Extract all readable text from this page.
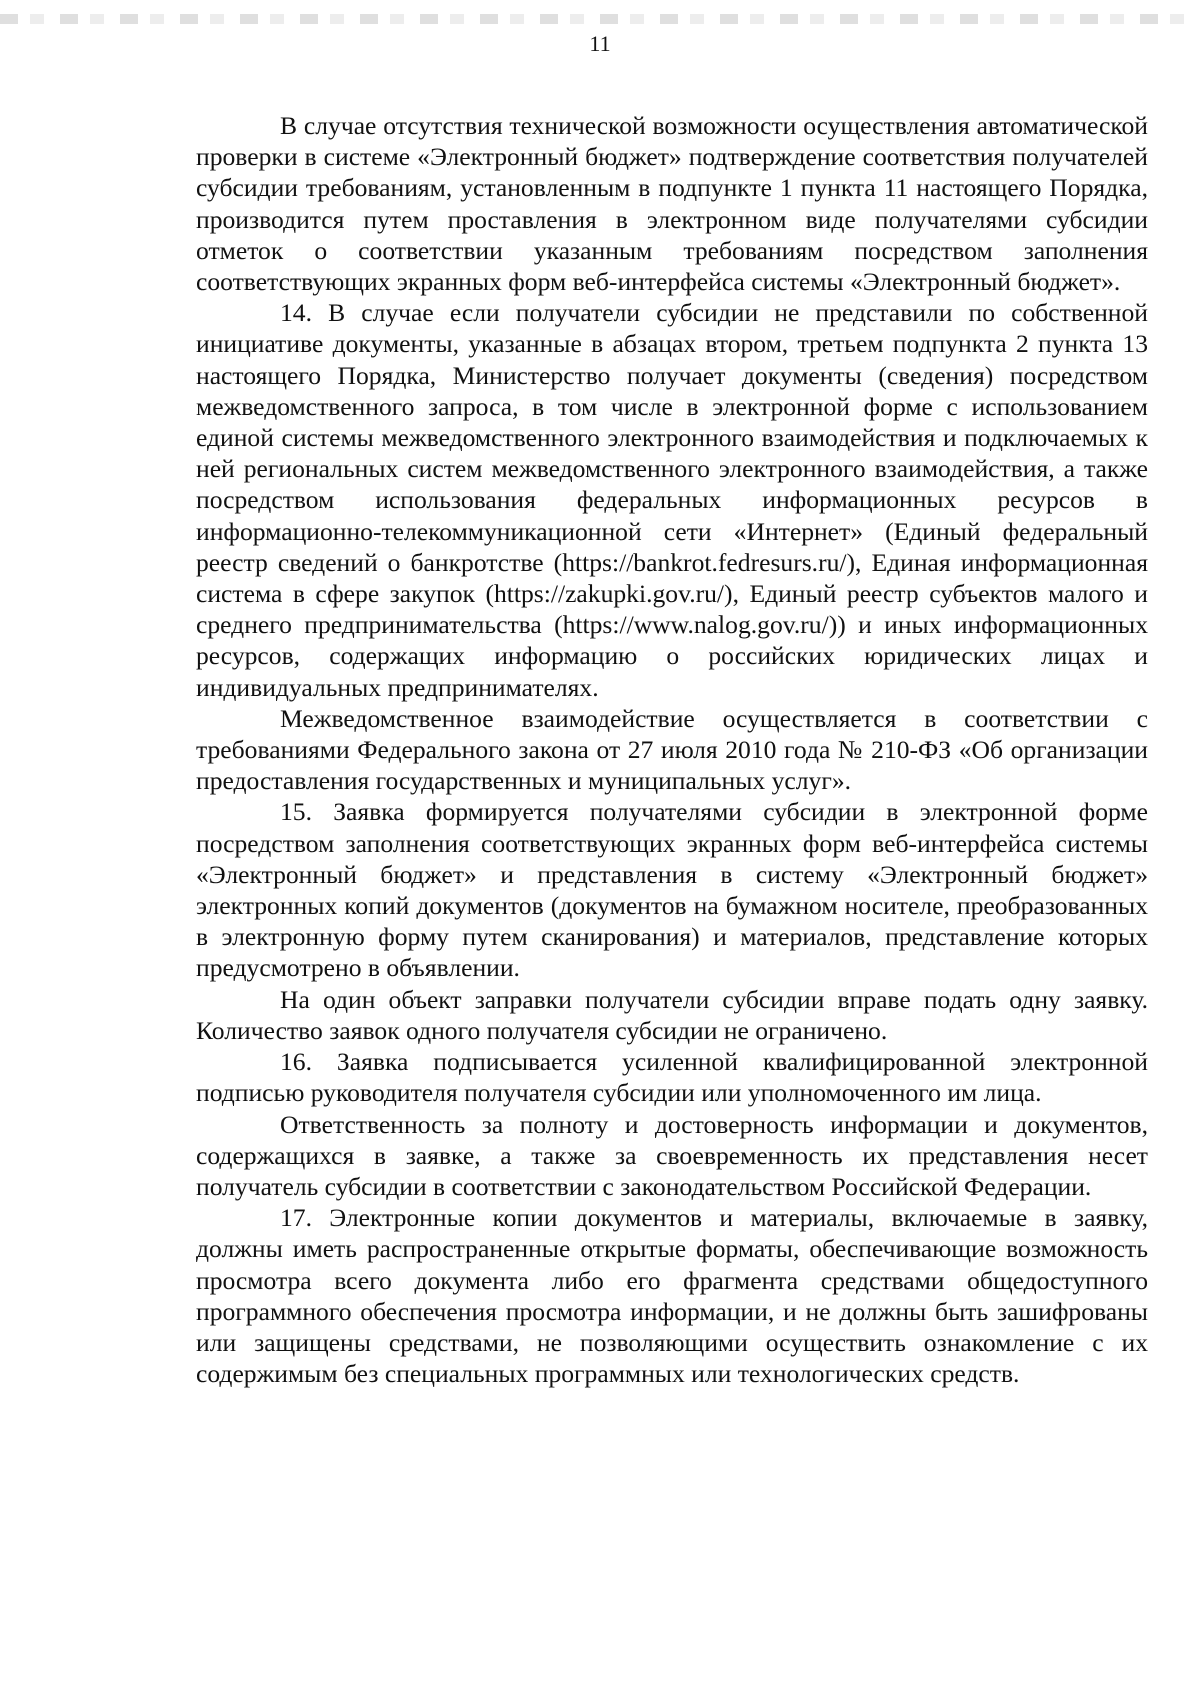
11

В случае отсутствия технической возможности осуществления автоматической проверки в системе «Электронный бюджет» подтверждение соответствия получателей субсидии требованиям, установленным в подпункте 1 пункта 11 настоящего Порядка, производится путем проставления в электронном виде получателями субсидии отметок о соответствии указанным требованиям посредством заполнения соответствующих экранных форм веб-интерфейса системы «Электронный бюджет».

14. В случае если получатели субсидии не представили по собственной инициативе документы, указанные в абзацах втором, третьем подпункта 2 пункта 13 настоящего Порядка, Министерство получает документы (сведения) посредством межведомственного запроса, в том числе в электронной форме с использованием единой системы межведомственного электронного взаимодействия и подключаемых к ней региональных систем межведомственного электронного взаимодействия, а также посредством использования федеральных информационных ресурсов в информационно-телекоммуникационной сети «Интернет» (Единый федеральный реестр сведений о банкротстве (https://bankrot.fedresurs.ru/), Единая информационная система в сфере закупок (https://zakupki.gov.ru/), Единый реестр субъектов малого и среднего предпринимательства (https://www.nalog.gov.ru/)) и иных информационных ресурсов, содержащих информацию о российских юридических лицах и индивидуальных предпринимателях.

Межведомственное взаимодействие осуществляется в соответствии с требованиями Федерального закона от 27 июля 2010 года № 210-ФЗ «Об организации предоставления государственных и муниципальных услуг».

15. Заявка формируется получателями субсидии в электронной форме посредством заполнения соответствующих экранных форм веб-интерфейса системы «Электронный бюджет» и представления в систему «Электронный бюджет» электронных копий документов (документов на бумажном носителе, преобразованных в электронную форму путем сканирования) и материалов, представление которых предусмотрено в объявлении.

На один объект заправки получатели субсидии вправе подать одну заявку. Количество заявок одного получателя субсидии не ограничено.

16. Заявка подписывается усиленной квалифицированной электронной подписью руководителя получателя субсидии или уполномоченного им лица.

Ответственность за полноту и достоверность информации и документов, содержащихся в заявке, а также за своевременность их представления несет получатель субсидии в соответствии с законодательством Российской Федерации.

17. Электронные копии документов и материалы, включаемые в заявку, должны иметь распространенные открытые форматы, обеспечивающие возможность просмотра всего документа либо его фрагмента средствами общедоступного программного обеспечения просмотра информации, и не должны быть зашифрованы или защищены средствами, не позволяющими осуществить ознакомление с их содержимым без специальных программных или технологических средств.
